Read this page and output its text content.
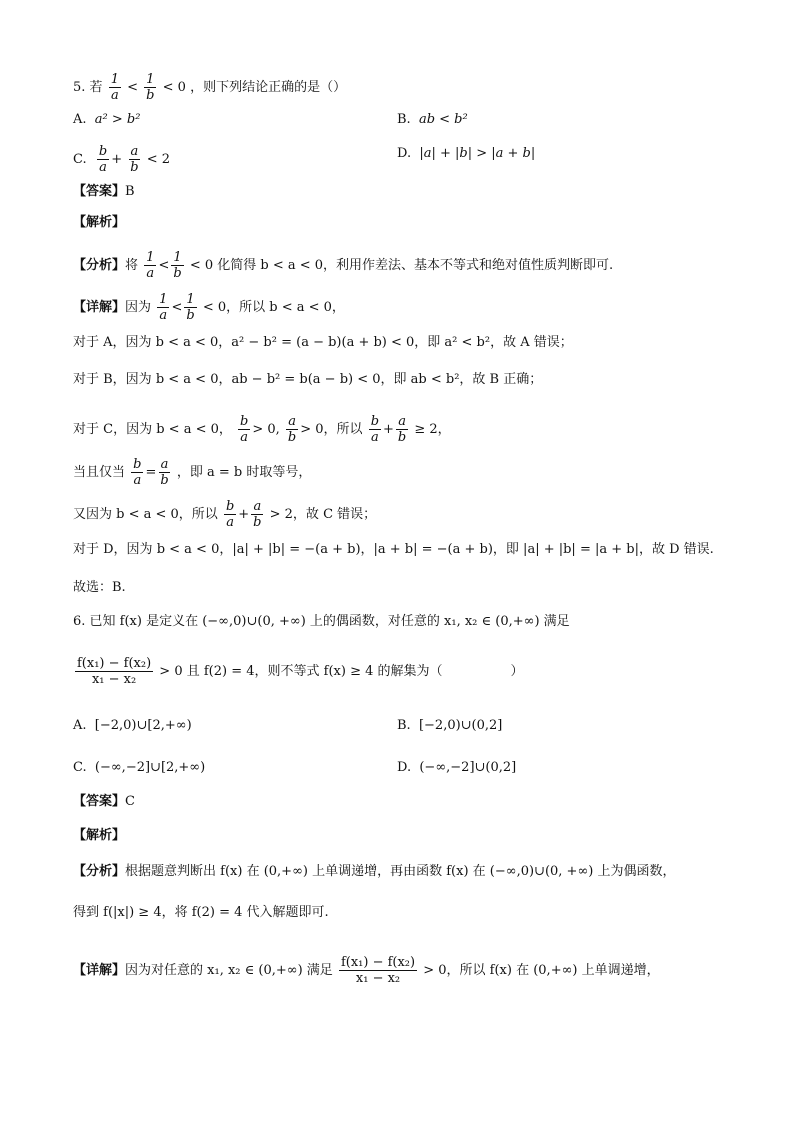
5. 若 $\frac{1}{a} < \frac{1}{b} < 0$ ，则下列结论正确的是（）
A. a² > b²	B. ab < b²
C. $\frac{b}{a} + \frac{a}{b} < 2$	D. |a| + |b| > |a + b|
【答案】B
【解析】
【分析】将 $\frac{1}{a} < \frac{1}{b} < 0$ 化简得 b < a < 0，利用作差法、基本不等式和绝对值性质判断即可.
【详解】因为 $\frac{1}{a} < \frac{1}{b} < 0$，所以 b < a < 0，
对于 A，因为 b < a < 0，a² − b² = (a − b)(a + b) < 0，即 a² < b²，故 A 错误；
对于 B，因为 b < a < 0，ab − b² = b(a − b) < 0，即 ab < b²，故 B 正确；
对于 C，因为 b < a < 0， $\frac{b}{a} > 0$, $\frac{a}{b} > 0$，所以 $\frac{b}{a} + \frac{a}{b} \ge 2$，
当且仅当 $\frac{b}{a} = \frac{a}{b}$ ，即 a = b 时取等号，
又因为 b < a < 0，所以 $\frac{b}{a} + \frac{a}{b} > 2$，故 C 错误；
对于 D，因为 b < a < 0，|a| + |b| = −(a + b)，|a + b| = −(a + b)，即 |a| + |b| = |a + b|，故 D 错误.
故选：B.
6. 已知 f(x) 是定义在 (−∞,0)∪(0, +∞) 上的偶函数，对任意的 x₁, x₂ ∈ (0,+∞) 满足
$\frac{\text{f(x₁) − f(x₂)}}{\text{x₁ − x₂}} > 0$ 且 f(2) = 4，则不等式 f(x) ≥ 4 的解集为（	）
A. [−2,0)∪[2,+∞)	B. [−2,0)∪(0,2]
C. (−∞,−2]∪[2,+∞)	D. (−∞,−2]∪(0,2]
【答案】C
【解析】
【分析】根据题意判断出 f(x) 在 (0,+∞) 上单调递增，再由函数 f(x) 在 (−∞,0)∪(0, +∞) 上为偶函数，
得到 f(|x|) ≥ 4，将 f(2) = 4 代入解题即可.
【详解】因为对任意的 x₁, x₂ ∈ (0,+∞) 满足 $\frac{\text{f(x₁) − f(x₂)}}{\text{x₁ − x₂}} > 0$，所以 f(x) 在 (0,+∞) 上单调递增，
